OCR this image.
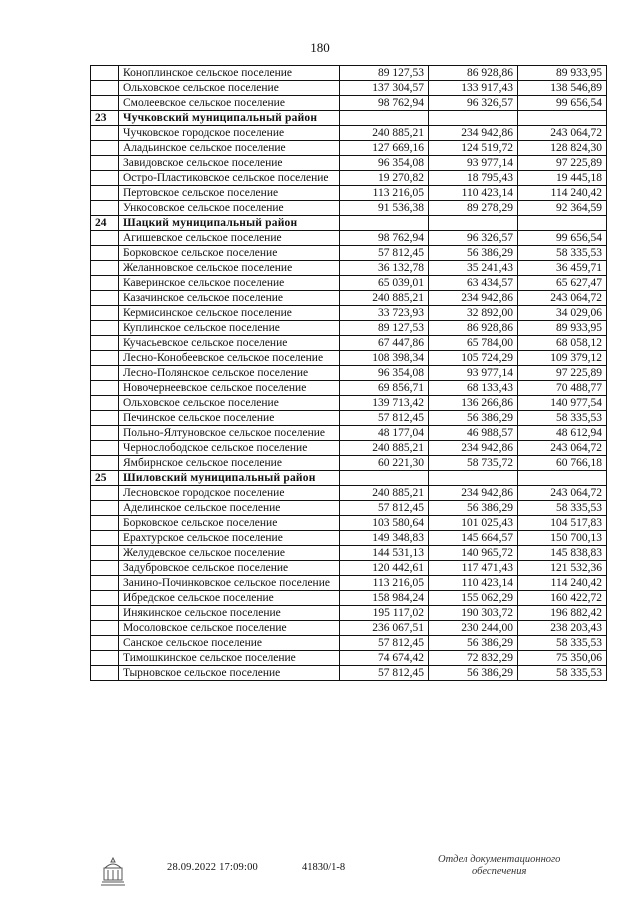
180
	Коноплинское сельское поселение	89 127,53	86 928,86	89 933,95
	Ольховское сельское поселение	137 304,57	133 917,43	138 546,89
	Смолеевское сельское поселение	98 762,94	96 326,57	99 656,54
23	Чучковский муниципальный район			
	Чучковское городское поселение	240 885,21	234 942,86	243 064,72
	Аладьинское сельское поселение	127 669,16	124 519,72	128 824,30
	Завидовское сельское поселение	96 354,08	93 977,14	97 225,89
	Остро-Пластиковское сельское поселение	19 270,82	18 795,43	19 445,18
	Пертовское сельское поселение	113 216,05	110 423,14	114 240,42
	Ункосовское сельское поселение	91 536,38	89 278,29	92 364,59
24	Шацкий муниципальный район			
	Агишевское сельское поселение	98 762,94	96 326,57	99 656,54
	Борковское сельское поселение	57 812,45	56 386,29	58 335,53
	Желанновское сельское поселение	36 132,78	35 241,43	36 459,71
	Каверинское сельское поселение	65 039,01	63 434,57	65 627,47
	Казачинское сельское поселение	240 885,21	234 942,86	243 064,72
	Кермисинское сельское поселение	33 723,93	32 892,00	34 029,06
	Куплинское сельское поселение	89 127,53	86 928,86	89 933,95
	Кучасьевское сельское поселение	67 447,86	65 784,00	68 058,12
	Лесно-Конобеевское сельское поселение	108 398,34	105 724,29	109 379,12
	Лесно-Полянское сельское поселение	96 354,08	93 977,14	97 225,89
	Новочернеевское сельское поселение	69 856,71	68 133,43	70 488,77
	Ольховское сельское поселение	139 713,42	136 266,86	140 977,54
	Печинское сельское поселение	57 812,45	56 386,29	58 335,53
	Польно-Ялтуновское сельское поселение	48 177,04	46 988,57	48 612,94
	Чернослободское сельское поселение	240 885,21	234 942,86	243 064,72
	Ямбирнское сельское поселение	60 221,30	58 735,72	60 766,18
25	Шиловский муниципальный район			
	Лесновское городское поселение	240 885,21	234 942,86	243 064,72
	Аделинское сельское поселение	57 812,45	56 386,29	58 335,53
	Борковское сельское поселение	103 580,64	101 025,43	104 517,83
	Ерахтурское сельское поселение	149 348,83	145 664,57	150 700,13
	Желудевское сельское поселение	144 531,13	140 965,72	145 838,83
	Задубровское сельское поселение	120 442,61	117 471,43	121 532,36
	Занино-Починковское сельское поселение	113 216,05	110 423,14	114 240,42
	Ибредское сельское поселение	158 984,24	155 062,29	160 422,72
	Инякинское сельское поселение	195 117,02	190 303,72	196 882,42
	Мосоловское сельское поселение	236 067,51	230 244,00	238 203,43
	Санское сельское поселение	57 812,45	56 386,29	58 335,53
	Тимошкинское сельское поселение	74 674,42	72 832,29	75 350,06
	Тырновское сельское поселение	57 812,45	56 386,29	58 335,53
28.09.2022 17:09:00	41830/1-8
Отдел документационного
обеспечения
